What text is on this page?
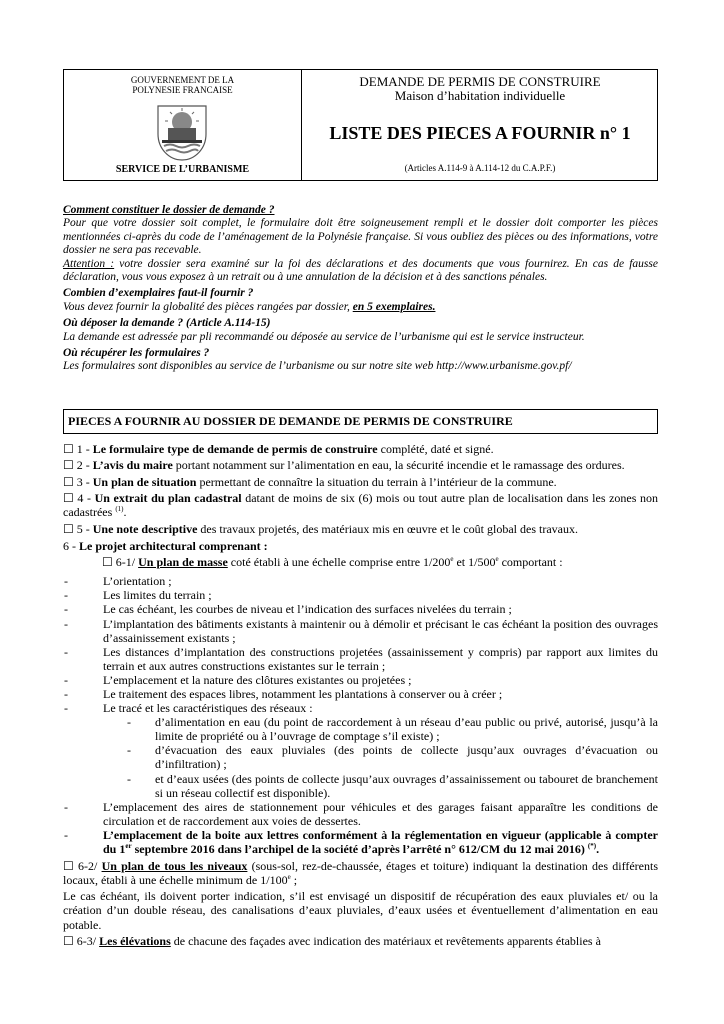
GOUVERNEMENT DE LA
POLYNESIE FRANCAISE
SERVICE DE L’URBANISME
DEMANDE DE PERMIS DE CONSTRUIRE
Maison d’habitation individuelle
LISTE DES PIECES A FOURNIR n° 1
(Articles A.114-9 à A.114-12 du C.A.P.F.)

Comment constituer le dossier de demande ?

Pour que votre dossier soit complet, le formulaire doit être soigneusement rempli et le dossier doit comporter les pièces mentionnées ci-après du code de l’aménagement de la Polynésie française. Si vous oubliez des pièces ou des informations, votre dossier ne sera pas recevable.

Attention : votre dossier sera examiné sur la foi des déclarations et des documents que vous fournirez. En cas de fausse déclaration, vous vous exposez à un retrait ou à une annulation de la décision et à des sanctions pénales.

Combien d’exemplaires faut-il fournir ?

Vous devez fournir la globalité des pièces rangées par dossier, en 5 exemplaires.

Où déposer la demande ? (Article A.114-15)

La demande est adressée par pli recommandé ou déposée au service de l’urbanisme qui est le service instructeur.

Où récupérer les formulaires ?

Les formulaires sont disponibles au service de l’urbanisme ou sur notre site web http://www.urbanisme.gov.pf/

PIECES A FOURNIR AU DOSSIER DE DEMANDE DE PERMIS DE CONSTRUIRE

☐ 1 - Le formulaire type de demande de permis de construire complété, daté et signé.

☐ 2 - L’avis du maire portant notamment sur l’alimentation en eau, la sécurité incendie et le ramassage des ordures.

☐ 3 - Un plan de situation permettant de connaître la situation du terrain à l’intérieur de la commune.

☐ 4 - Un extrait du plan cadastral datant de moins de six (6) mois ou tout autre plan de localisation dans les zones non cadastrées $^{(1)}$.

☐ 5 - Une note descriptive des travaux projetés, des matériaux mis en œuvre et le coût global des travaux.

6 - Le projet architectural comprenant :

☐ 6-1/ Un plan de masse coté établi à une échelle comprise entre 1/200e et 1/500e comportant :

-	L’orientation ;
-	Les limites du terrain ;
-	Le cas échéant, les courbes de niveau et l’indication des surfaces nivelées du terrain ;
-	L’implantation des bâtiments existants à maintenir ou à démolir et précisant le cas échéant la position des ouvrages d’assainissement existants ;
-	Les distances d’implantation des constructions projetées (assainissement y compris) par rapport aux limites du terrain et aux autres constructions existantes sur le terrain ;
-	L’emplacement et la nature des clôtures existantes ou projetées ;
-	Le traitement des espaces libres, notamment les plantations à conserver ou à créer ;
-	Le tracé et les caractéristiques des réseaux :
-	d’alimentation en eau (du point de raccordement à un réseau d’eau public ou privé, autorisé, jusqu’à la limite de propriété ou à l’ouvrage de comptage s’il existe) ;
-	d’évacuation des eaux pluviales (des points de collecte jusqu’aux ouvrages d’évacuation ou d’infiltration) ;
-	et d’eaux usées (des points de collecte jusqu’aux ouvrages d’assainissement ou tabouret de branchement si un réseau collectif est disponible).
-	L’emplacement des aires de stationnement pour véhicules et des garages faisant apparaître les conditions de circulation et de raccordement aux voies de dessertes.
-	L’emplacement de la boite aux lettres conformément à la réglementation en vigueur (applicable à compter du 1er septembre 2016 dans l’archipel de la société d’après l’arrêté n° 612/CM du 12 mai 2016) (*).

☐ 6-2/ Un plan de tous les niveaux (sous-sol, rez-de-chaussée, étages et toiture) indiquant la destination des différents locaux, établi à une échelle minimum de 1/100e ;

Le cas échéant, ils doivent porter indication, s’il est envisagé un dispositif de récupération des eaux pluviales et/ ou la création d’un double réseau, des canalisations d’eaux pluviales, d’eaux usées et éventuellement d’alimentation en eau potable.

☐ 6-3/ Les élévations de chacune des façades avec indication des matériaux et revêtements apparents établies à
